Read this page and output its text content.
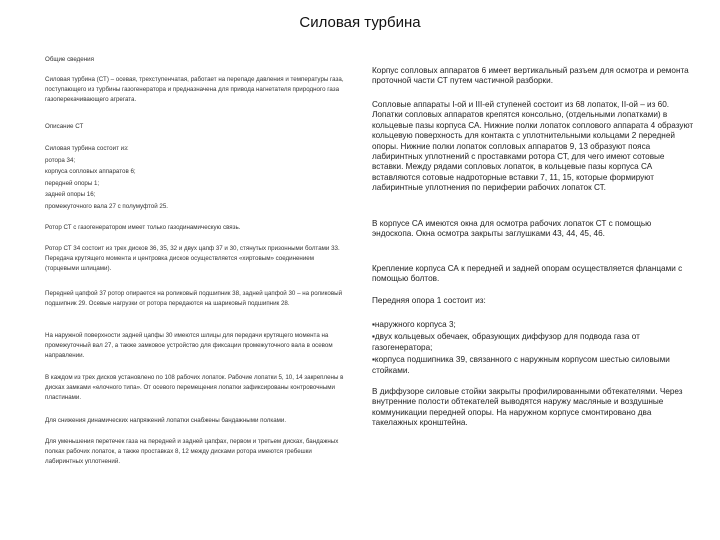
Силовая турбина
Общие сведения
Силовая турбина (СТ) – осевая, трехступенчатая, работает на перепаде давления и температуры газа, поступающего из турбины газогенератора и предназначена для привода нагнетателя природного газа газоперекачивающего агрегата.
Описание СТ
Силовая турбина состоит из:
ротора 34;
корпуса сопловых аппаратов 6;
передней опоры 1;
задней опоры 16;
промежуточного вала 27 с полумуфтой 25.
Ротор СТ с газогенератором имеет только газодинамическую связь.
Ротор СТ 34 состоит из трех дисков 36, 35, 32 и двух цапф 37 и 30, стянутых призонными болтами 33. Передача крутящего момента и центровка дисков осуществляется «хиртовым» соединением (торцевыми шлицами).
Передней цапфой 37 ротор опирается на роликовый подшипник 38, задней цапфой 30 – на роликовый подшипник 29. Осевые нагрузки от ротора передаются на шариковый подшипник 28.
На наружной поверхности задней цапфы 30 имеются шлицы для передачи крутящего момента на промежуточный вал 27, а также замковое устройство для фиксации промежуточного вала в осевом направлении.
В каждом из трех дисков установлено по 108 рабочих лопаток. Рабочие лопатки 5, 10, 14 закреплены в дисках замками «елочного типа». От осевого перемещения лопатки зафиксированы контровочными пластинами.
Для снижения динамических напряжений лопатки снабжены бандажными полками.
Для уменьшения перетечек газа на передней и задней цапфах, первом и третьем дисках, бандажных полках рабочих лопаток, а также проставках 8, 12 между дисками ротора имеются гребешки лабиринтных уплотнений.
Корпус сопловых аппаратов 6 имеет вертикальный разъем для осмотра и ремонта проточной части СТ путем частичной разборки.
Сопловые аппараты I-ой и III-ей ступеней состоит из 68 лопаток, II-ой – из 60. Лопатки сопловых аппаратов крепятся консольно, (отдельными лопатками) в кольцевые пазы корпуса СА. Нижние полки лопаток соплового аппарата 4 образуют кольцевую поверхность для контакта с уплотнительными кольцами 2 передней опоры. Нижние полки лопаток сопловых аппаратов 9, 13 образуют пояса лабиринтных уплотнений с проставками ротора СТ, для чего имеют сотовые вставки. Между рядами сопловых лопаток, в кольцевые пазы корпуса СА вставляются сотовые надроторные вставки 7, 11, 15, которые формируют лабиринтные уплотнения по периферии рабочих лопаток СТ.
В корпусе СА имеются окна для осмотра рабочих лопаток СТ с помощью эндоскопа. Окна осмотра закрыты заглушками 43, 44, 45, 46.
Крепление корпуса СА к передней и задней опорам осуществляется фланцами с помощью болтов.
Передняя опора 1 состоит из:
▪наружного корпуса 3;
▪двух кольцевых обечаек, образующих диффузор для подвода газа от газогенератора;
▪корпуса подшипника 39, связанного с наружным корпусом шестью силовыми стойками.
В диффузоре силовые стойки закрыты профилированными обтекателями. Через внутренние полости обтекателей выводятся наружу масляные и воздушные коммуникации передней опоры. На наружном корпусе смонтировано два такелажных кронштейна.
